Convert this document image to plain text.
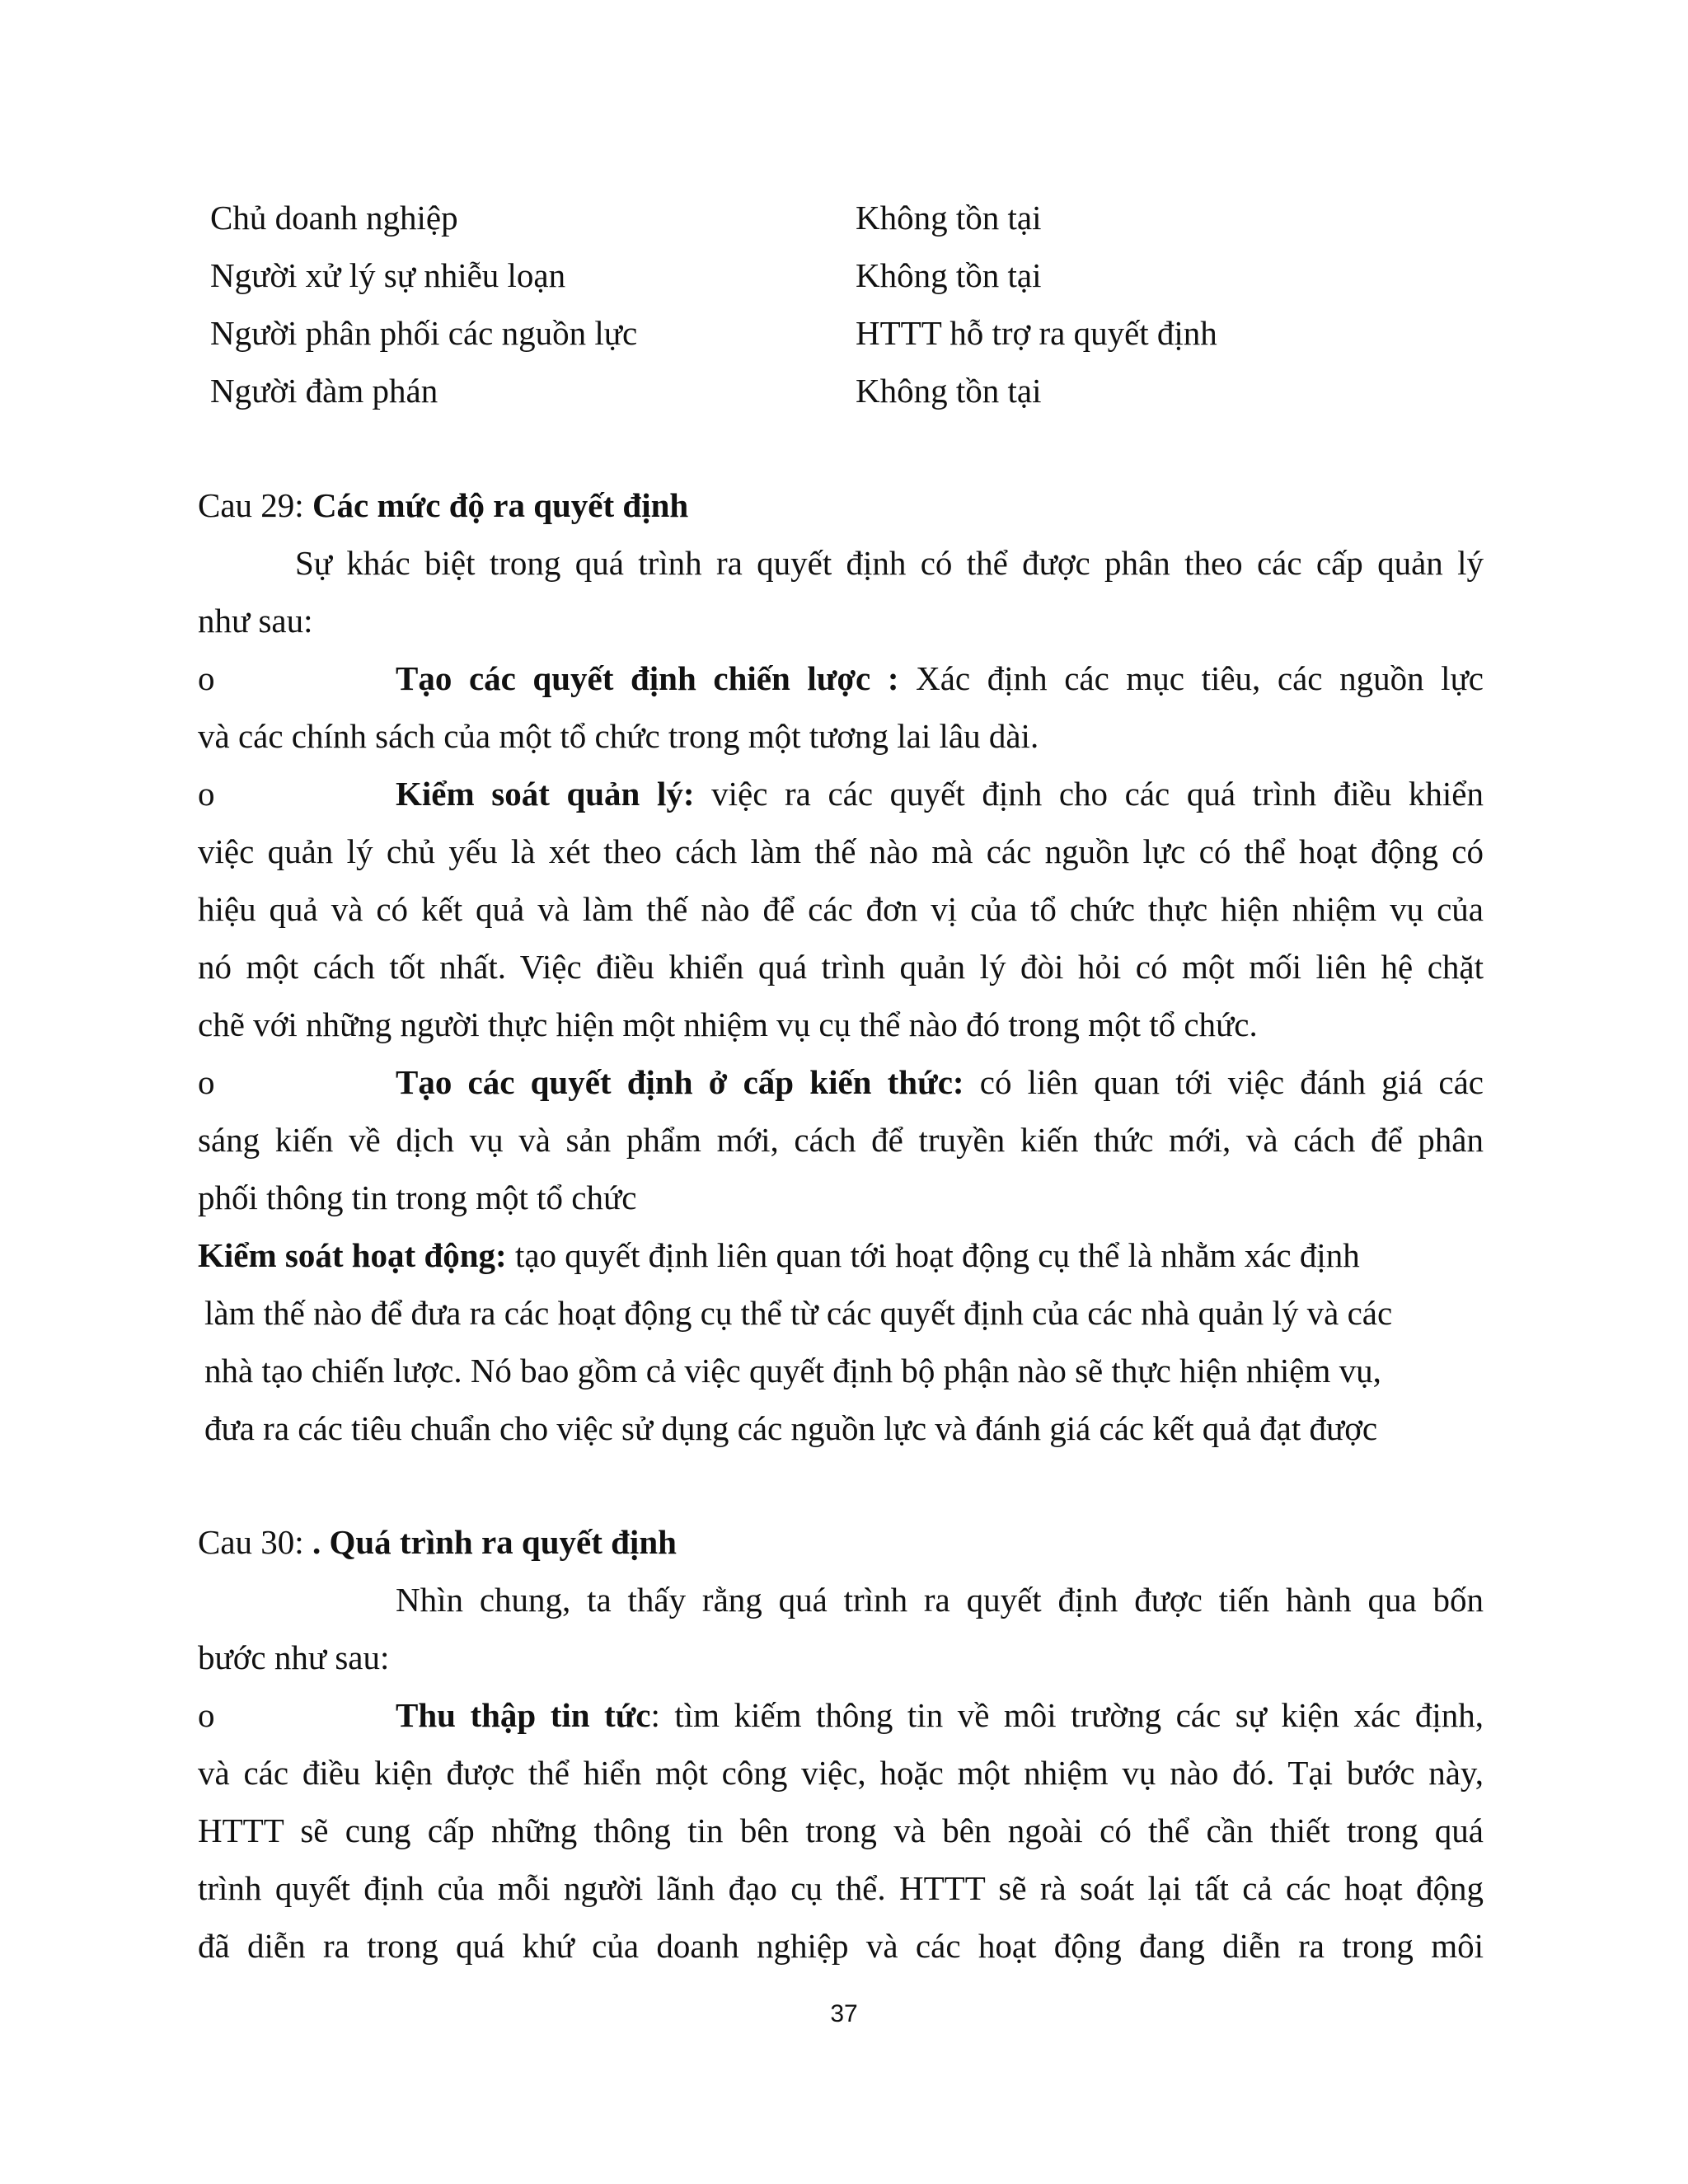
Chủ doanh nghiệp	Không tồn tại
Người xử lý sự nhiễu loạn	Không tồn tại
Người phân phối các nguồn lực	HTTT hỗ trợ ra quyết định
Người đàm phán	Không tồn tại
Cau 29: Các mức độ ra quyết định
Sự khác biệt trong quá trình ra quyết định có thể được phân theo các cấp quản lý
như sau:
o	Tạo các quyết định chiến lược : Xác định các mục tiêu, các nguồn lực
và các chính sách của một tổ chức trong một tương lai lâu dài.
o	Kiểm soát quản lý: việc ra các quyết định cho các quá trình điều khiển
việc quản lý chủ yếu là xét theo cách làm thế nào mà các nguồn lực có thể hoạt động có
hiệu quả và có kết quả và làm thế nào để các đơn vị của tổ chức thực hiện nhiệm vụ của
nó một cách tốt nhất. Việc điều khiển quá trình quản lý đòi hỏi có một mối liên hệ chặt
chẽ với những người thực hiện một nhiệm vụ cụ thể nào đó trong một tổ chức.
o	Tạo các quyết định ở cấp kiến thức: có liên quan tới việc đánh giá các
sáng kiến về dịch vụ và sản phẩm mới, cách để truyền kiến thức mới, và cách để phân
phối thông tin trong một tổ chức
Kiểm soát hoạt động: tạo quyết định liên quan tới hoạt động cụ thể là nhằm xác định
làm thế nào để đưa ra các hoạt động cụ thể từ các quyết định của các nhà quản lý và các
nhà tạo chiến lược. Nó bao gồm cả việc quyết định bộ phận nào sẽ thực hiện nhiệm vụ,
đưa ra các tiêu chuẩn cho việc sử dụng các nguồn lực và đánh giá các kết quả đạt được
Cau 30: . Quá trình ra quyết định
Nhìn chung, ta thấy rằng quá trình ra quyết định được tiến hành qua bốn
bước như sau:
o	Thu thập tin tức: tìm kiếm thông tin về môi trường các sự kiện xác định,
và các điều kiện được thể hiển một công việc, hoặc một nhiệm vụ nào đó. Tại bước này,
HTTT sẽ cung cấp những thông tin bên trong và bên ngoài có thể cần thiết trong quá
trình quyết định của mỗi người lãnh đạo cụ thể. HTTT sẽ rà soát lại tất cả các hoạt động
đã diễn ra trong quá khứ của doanh nghiệp và các hoạt động đang diễn ra trong môi
37
